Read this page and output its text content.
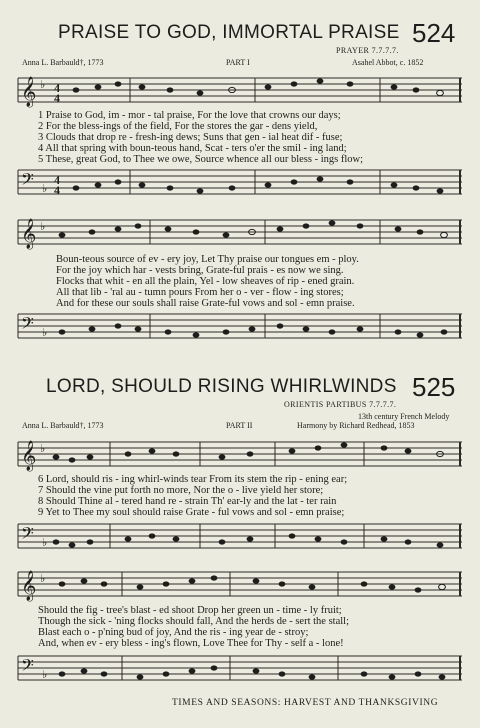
PRAISE TO GOD, IMMORTAL PRAISE 524
PRAYER 7.7.7.7.
Anna L. Barbauld†, 1773	PART I	Asahel Abbot, c. 1852
𝄞 ♭ 4
4
1 Praise to God, im - mor - tal praise, For the love that crowns our days;
2 For the bless-ings of the field, For the stores the gar - dens yield,
3 Clouds that drop re - fresh-ing dews; Suns that gen - ial heat dif - fuse;
4 All that spring with boun-teous hand, Scat - ters o'er the smil - ing land;
5 These, great God, to Thee we owe, Source whence all our bless - ings flow;
𝄢 ♭
4
4
𝄞 ♭
Boun-teous source of ev - ery joy, Let Thy praise our tongues em - ploy.
For the joy which har - vests bring, Grate-ful prais - es now we sing.
Flocks that whit - en all the plain, Yel - low sheaves of rip - ened grain.
All that lib - 'ral au - tumn pours From her o - ver - flow - ing stores;
And for these our souls shall raise Grate-ful vows and sol - emn praise.
𝄢 ♭
LORD, SHOULD RISING WHIRLWINDS 525
ORIENTIS PARTIBUS 7.7.7.7.
13th century French Melody
Anna L. Barbauld†, 1773	PART II	Harmony by Richard Redhead, 1853
𝄞 ♭
6 Lord, should ris - ing whirl-winds tear From its stem the rip - ening ear;
7 Should the vine put forth no more, Nor the o - live yield her store;
8 Should Thine al - tered hand re - strain Th' ear-ly and the lat - ter rain
9 Yet to Thee my soul should raise Grate - ful vows and sol - emn praise;
𝄢 ♭
𝄞 ♭
Should the fig - tree's blast - ed shoot Drop her green un - time - ly fruit;
Though the sick - 'ning flocks should fall, And the herds de - sert the stall;
Blast each o - p'ning bud of joy, And the ris - ing year de - stroy;
And, when ev - ery bless - ing's flown, Love Thee for Thy - self a - lone!
𝄢 ♭
TIMES AND SEASONS: HARVEST AND THANKSGIVING
